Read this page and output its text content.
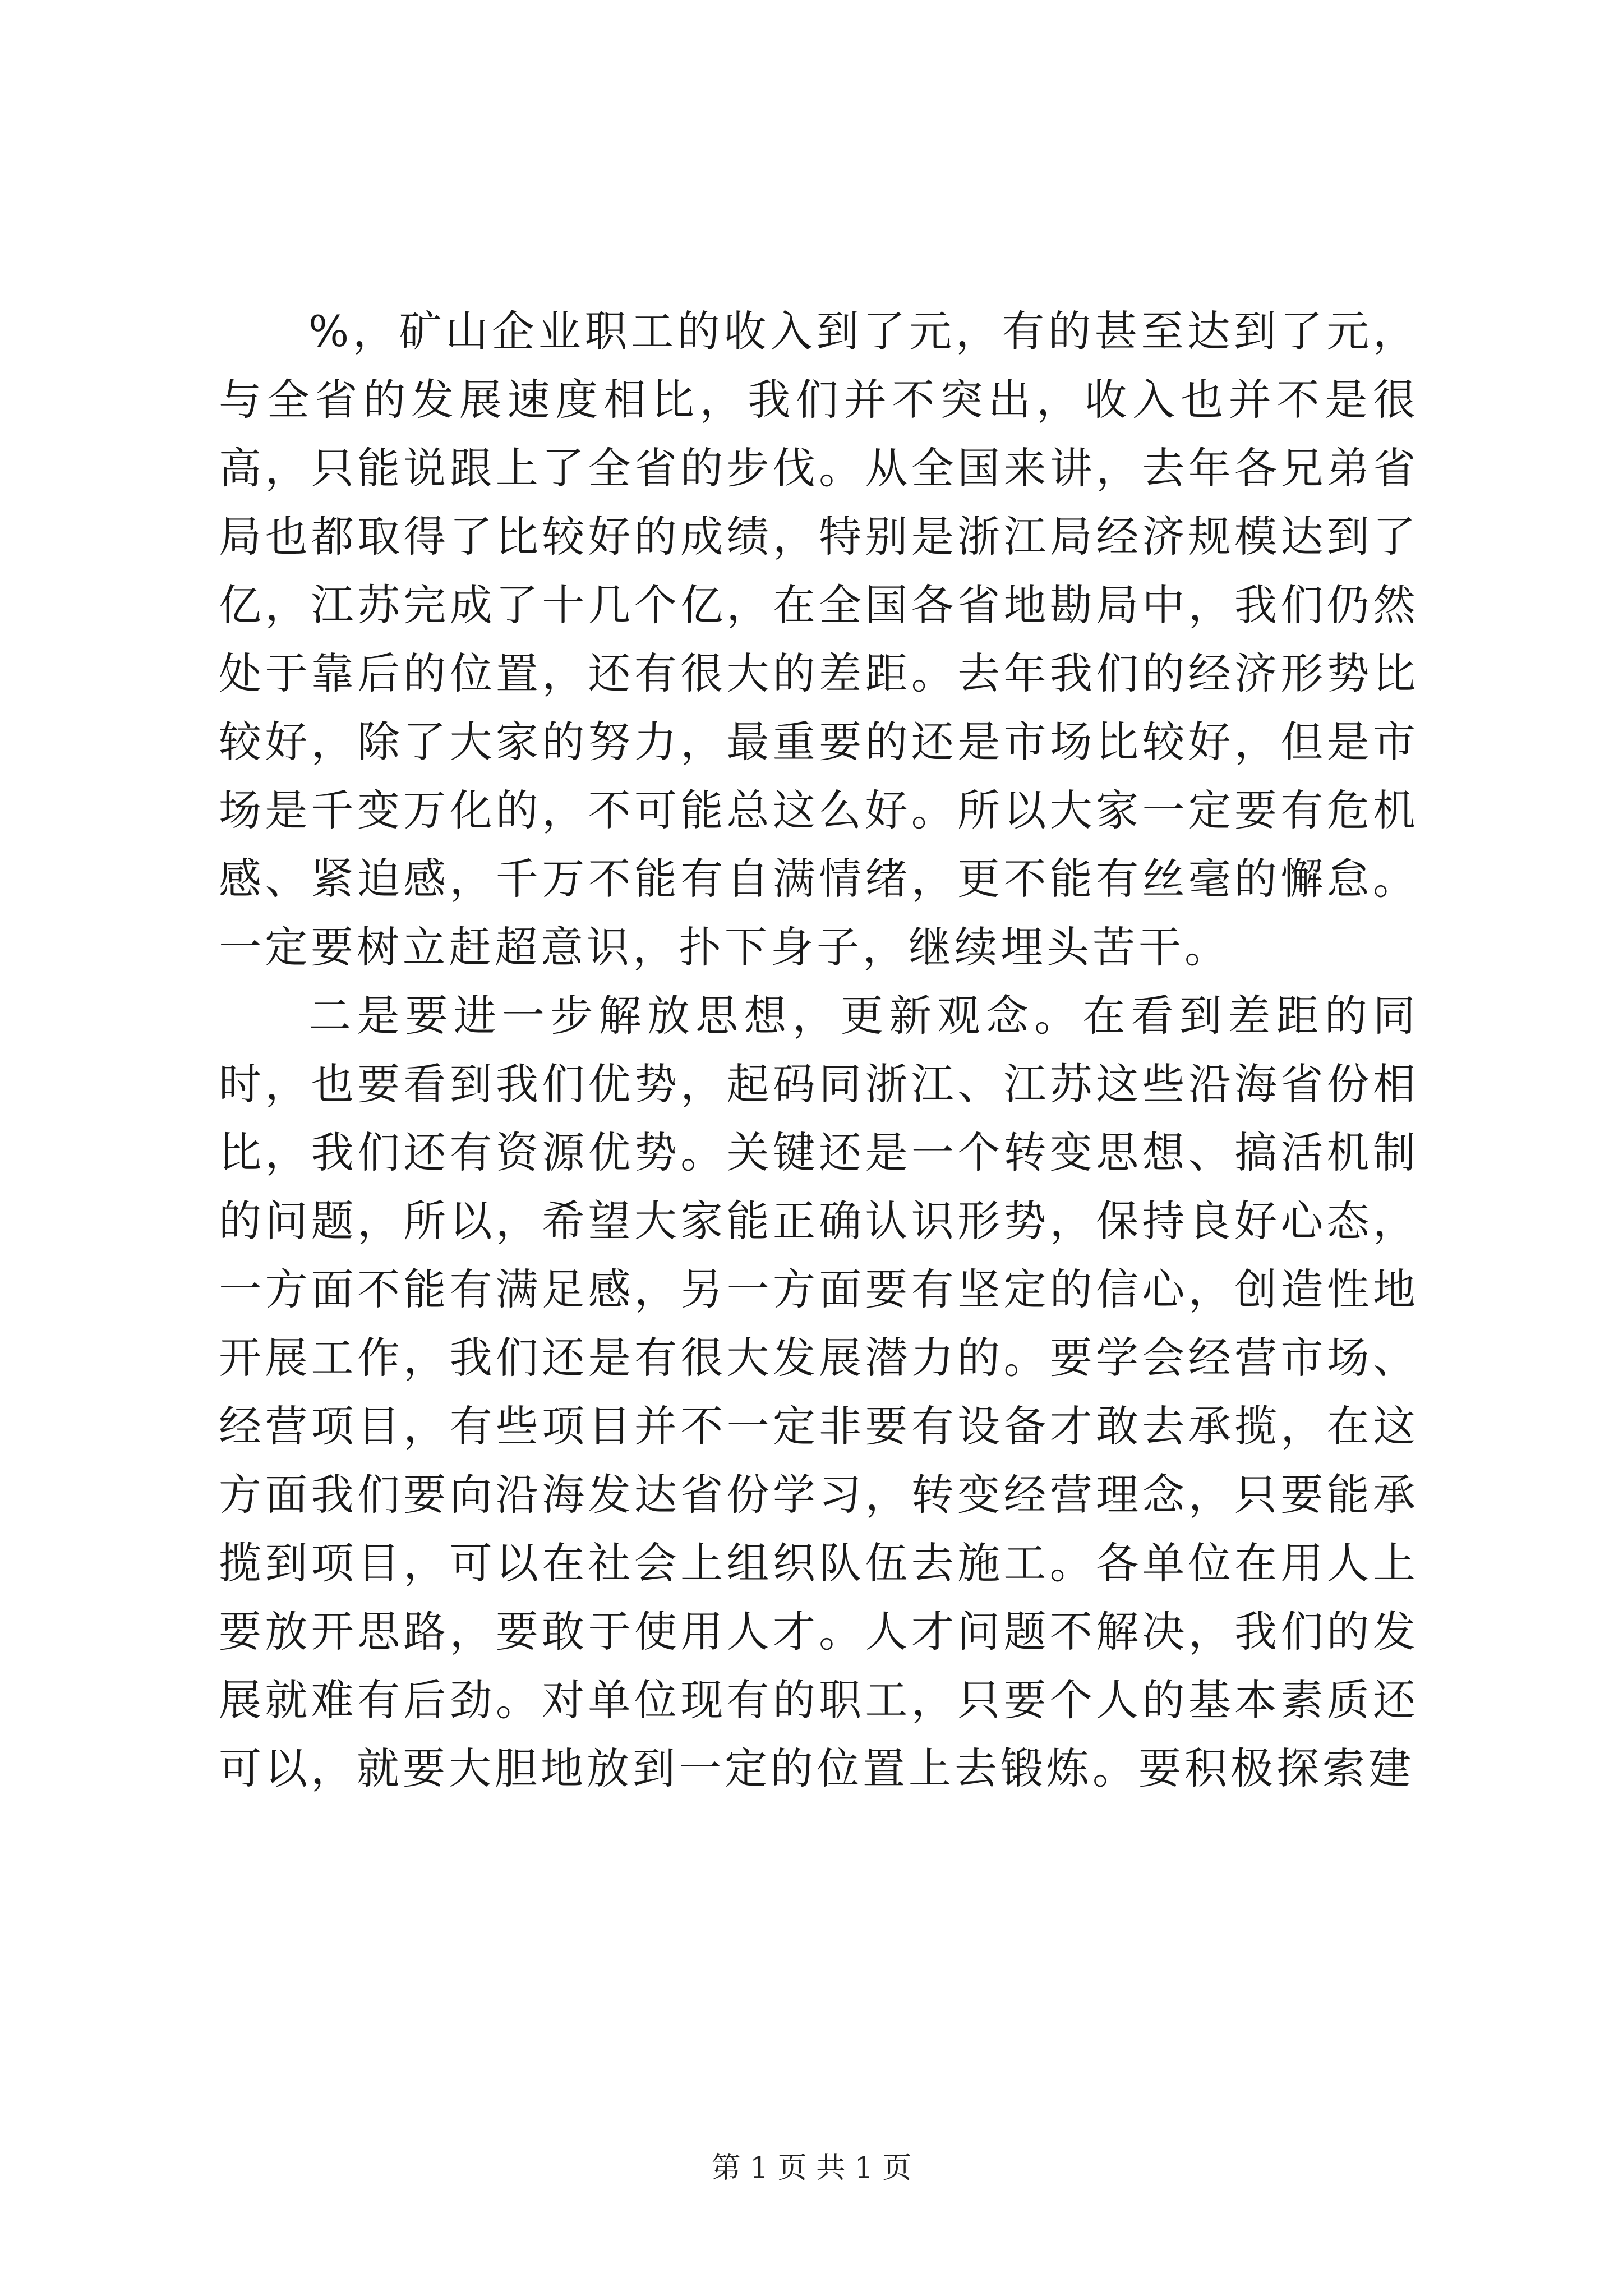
%，矿山企业职工的收入到了元，有的甚至达到了元，与全省的发展速度相比，我们并不突出，收入也并不是很高，只能说跟上了全省的步伐。从全国来讲，去年各兄弟省局也都取得了比较好的成绩，特别是浙江局经济规模达到了亿，江苏完成了十几个亿，在全国各省地勘局中，我们仍然处于靠后的位置，还有很大的差距。去年我们的经济形势比较好，除了大家的努力，最重要的还是市场比较好，但是市场是千变万化的，不可能总这么好。所以大家一定要有危机感、紧迫感，千万不能有自满情绪，更不能有丝毫的懈怠。一定要树立赶超意识，扑下身子，继续埋头苦干。

二是要进一步解放思想，更新观念。在看到差距的同时，也要看到我们优势，起码同浙江、江苏这些沿海省份相比，我们还有资源优势。关键还是一个转变思想、搞活机制的问题，所以，希望大家能正确认识形势，保持良好心态，一方面不能有满足感，另一方面要有坚定的信心，创造性地开展工作，我们还是有很大发展潜力的。要学会经营市场、经营项目，有些项目并不一定非要有设备才敢去承揽，在这方面我们要向沿海发达省份学习，转变经营理念，只要能承揽到项目，可以在社会上组织队伍去施工。各单位在用人上要放开思路，要敢于使用人才。人才问题不解决，我们的发展就难有后劲。对单位现有的职工，只要个人的基本素质还可以，就要大胆地放到一定的位置上去锻炼。要积极探索建

第 1 页 共 1 页
